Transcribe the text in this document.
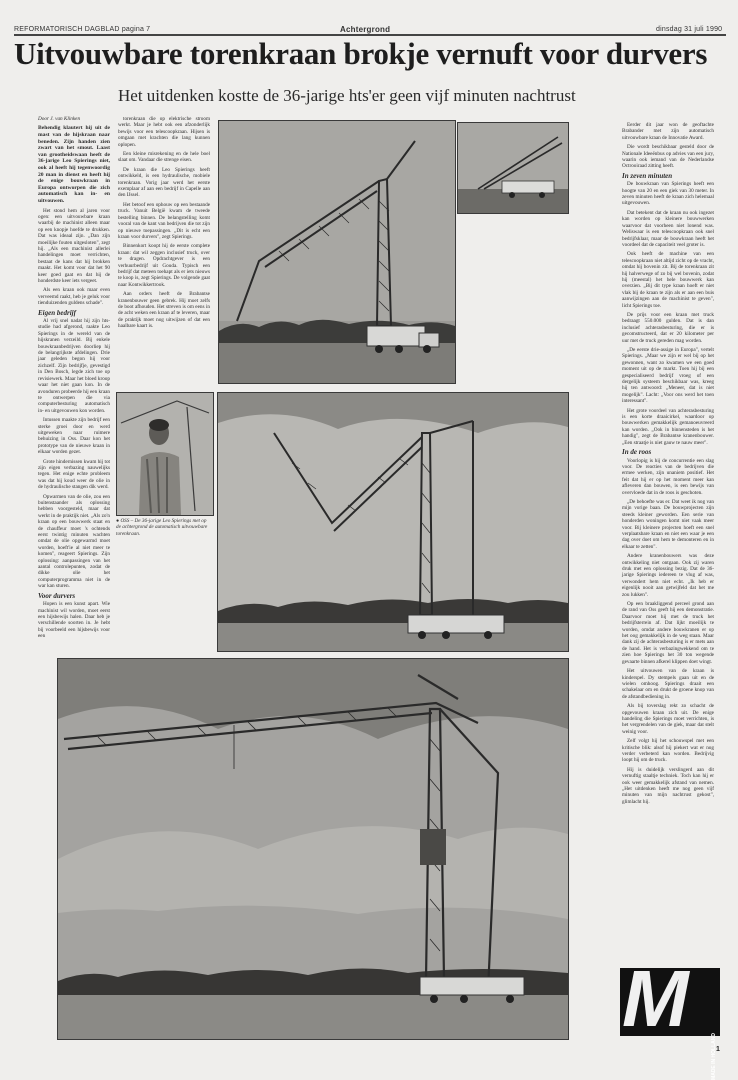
REFORMATORISCH DAGBLAD pagina 7	Achtergrond	dinsdag 31 juli 1990
Uitvouwbare torenkraan brokje vernuft voor durvers
Het uitdenken kostte de 36-jarige hts'er geen vijf minuten nachtrust

Door J. van Klinken

Behendig klautert hij uit de mast van de hijskraan naar beneden. Zijn handen zien zwart van het smout. Laast van grootheidswaan heeft de 36-jarige Leo Spierings niet, ook al heeft hij tegenwoordig 20 man in dienst en heeft hij de enige bouwkraan in Europa ontworpen die zich automatisch kan in- en uitvouwen.

Het stond hem al jaren voor ogen: een uitvouwbare kraan waarbij de machinist alleen maar op een knopje hoefde te drukken. Dat was ideaal zijn. „Dan zijn moeilijke fouten uitgesloten", zegt hij. „Als een machinist allerlei handelingen moet verrichten, bestaat de kans dat hij brokken maakt. Het komt voor dat het 90 keer goed gaat en dat hij de honderdste keer iets vergeet.

Als een kraan ook maar even verveemd raakt, heb je geluk voor tienduizenden guldens schade".

Eigen bedrijf

Al vrij snel nadat hij zijn hts-studie had afgerond, raakte Leo Spierings in de wereld van de hijskranen verzeild. Bij enkele bouwkraanbedrijven doorliep hij de belangrijkste afdelingen. Drie jaar geleden begon hij voor zichzelf. Zijn bedrijfje, gevestigd in Den Bosch, legde zich toe op revisiewerk. Maar het bloed kroop waar het niet gaan kon. In de avonduren probeerde hij een kraan te ontwerpen die via computerbesturing automatisch in- en uitgevouwen kon worden.

Intussen maakte zijn bedrijf een sterke groei door en werd uitgeweken naar ruimere behuizing in Oss. Daar kon het prototype van de nieuwe kraan in elkaar worden gezet.

Grote hindernissen kwam hij tot zijn eigen verbazing nauwelijks tegen. Het enige echte probleem was dat hij koud weer de olie in de hydraulische stangen dik werd.

Opwarmen van de olie, zou een buitenstaander als oplossing hebben voorgesteld, maar dat werkt in de praktijk niet. „Als zo'n kraan op een bouwwerk staat en de chauffeur moet 's ochtends eerst twintig minuten wachten omdat de olie opgewarmd moet worden, hoeft'ie al niet meer te komen", reageert Spierings. Zijn oplossing: aanpassingen van het aantal controlepunten, zodat de dikke olie het computerprogramma niet in de war kan sturen.

Voor durvers

Hopen is een kunst apart. Wie machinist wil worden, moet eerst een hijsbewijs halen. Daar heb je verschillende soorten in. Je hebt bij voorbeeld een hijsbewijs voor een

torenkraan die op elektrische stroom werkt. Maar je hebt ook een afzonderlijk bewijs voor een telescoopkraan. Hijsen is omgaan met krachten die lang kunnen oplopen.

Een kleine misrekening en de hele boel slaat om. Vandaar die strenge eisen.

De kraan die Leo Spierings heeft ontwikkeld, is een hydraulische, mobiele torenkraan. Vorig jaar werd het eerste exemplaar af aan een bedrijf in Capelle aan den IJssel.

Het betoof een ophouw op een bestaande truck. Vanuit België kwam de tweede bestelling binnen. De belangstelling komt vooral van de kant van bedrijven die tot zijn op nieuwe toepassingen. „Dit is echt een kraan voor durvers", zegt Spierings.

Binnenkort koopt hij de eerste complete kraan: dat wil zeggen inclusief truck, over te dragen. Opdrachtgever is een verhuurbedrijf uit Gouda. Typisch een bedrijf dat meteen toehapt als er iets nieuws te koop is, zegt Spierings. De volgende gaat naar Kontwikkertrook.

Aan orders heeft de Brabantse kranenbouwer geen gebrek. Hij moet zelfs de boot afhouden. Het streven is om eens in de acht weken een kraan af te leveren, maar de praktijk moet nog uitwijzen of dat een haalbare kaart is.

● OSS – De 36-jarige Leo Spierings met op de achtergrond de automatisch uitvouwbare torenkraan.

Eerder dit jaar won de geoftachte Brabander met zijn automatisch uitvouwbare kraan de Innovatie Award.

Die wordt beschikbaar gesteld door de Nationale Ideeënbus op advies van een jury, waarin ook iemand van de Nederlandse Octrooiraad zitting heeft.

In zeven minuten

De bouwkraan van Spierings heeft een hoogte van 20 en een giek van 30 meter. In zeven minuten heeft de kraan zich helemaal uitgevouwen.

Dat betekent dat de kraan nu ook ingezet kan worden op kleinere bouwwerken waarvoor dat voorheen niet lonend was. Weliswaar is een telescoopkraan ook snel bedrijfsklaar, maar de bouwkraan heeft het voordeel dat de capaciteit veel groter is.

Ook heeft de machine van een telescoopkraan niet altijd zicht op de vracht, omdat hij bovenin zit. Bij de torenkraan zit hij halverwege of zo bij wel bovenin, zodat hij (meestal) het hele bouwwerk kan overzien. „Bij dit type kraan hoeft er niet vlak bij de kraan te zijn als er aan een buis aanwijzingen aan de machinist te geven", licht Spierings toe.

De prijs voor een kraan met truck bedraagt 550.000 gulden. Dat is dan inclusief achterasbesturing, die er is gecomstructeerd, dat er 20 kilometer per uur met de truck gereden mag worden.

„De eerste drie-assige in Europa", vertelt Spierings. „Maar we zijn er wel bij op het gewonnen, want zo kwamen we een goed moment uit op de markt. Toen hij bij een gespecialiseerd bedrijf vroeg of een dergelijk systeem beschikbaar was, kreeg hij ten antwoord: „Meneer, dat is niet mogelijk". Lacht: „Voor ons werd het toen interessant".

Het grote voordeel van achterasbesturing is een korte draaicirkel, waardoor op bouwwerken gemakkelijk gemanoeuvreerd kan worden. „Ook in binnensteden is het handig", zegt de Brabantse kranenbouwer. „Een straatje is niet gauw te nauw meer".

In de roos

Voorlopig is hij de concurrentie een slag voor. De reacties van de bedrijven die ermee werken, zijn unaniem positief. Het feit dat hij er op het moment meer kan afleveren dan bouwen, is een bewijs van overvloede dat in de roos is geschoten.

„De behoefte was er. Dat weet ik nog van mijn vorige baan. De bouwprojecten zijn steeds kleiner geworden. Een serie van honderden woningen komt niet vaak meer voor. Bij kleinere projecten hoeft een snel verplaatsbare kraan en niet een waar je een dag over doet om hem te demonteren en in elkaar te zetten".

Andere kranenbouwers was deze ontwikkeling niet ontgaan. Ook zij waren druk met een oplossing bezig. Dat de 36-jarige Spierings iedereen te vlug af was, verwondert hem niet echt. „Ik heb er eigenlijk nooit aan getwijfeld dat het me zou lukken".

Op een braakliggend perceel grond aan de rand van Oss geeft hij een demonstratie. Daarvoor moet hij met de truck het bedrijfsterrein af. Dat lijkt moeilijk te worden, omdat andere bouwkranen er op het oog gemakkelijk in de weg staan. Maar dank zij de achterasbesturing is er mets aan de hand. Het is verbazingwekkend om te zien hoe Spierings het 30 ton wegende gevaarte binnen afkerel klippen doet wingt.

Het uitvouwen van de kraan is kinderspel. Dy stempels gaan uit en de wielen omhoog. Spierings draait een schakelaar om en drukt de groene knop van de afstandbediening in.

Als bij toverslag rekt zo schacht de opgevouwen kraan zich uit. De enige handeling die Spierings moet verrichten, is het vergrendelen van de giek, maar dat stelt weinig voor.

Zelf volgt hij het schouwspel met een kritische blik: alsof hij piekert wat er nog verder verbeterd kan worden. Bedrijvig loopt hij om de truck.

Hij is duidelijk verslingerd aan dit vernuftig staaltje techniek. Toch kan hij er ook weer gemakkelijk afstand van nemen. „Het uitdenken heeft me nog geen vijf minuten van mijn nachtrust gekost", glimlacht hij.

M
MADE IN HOLLAND 1
